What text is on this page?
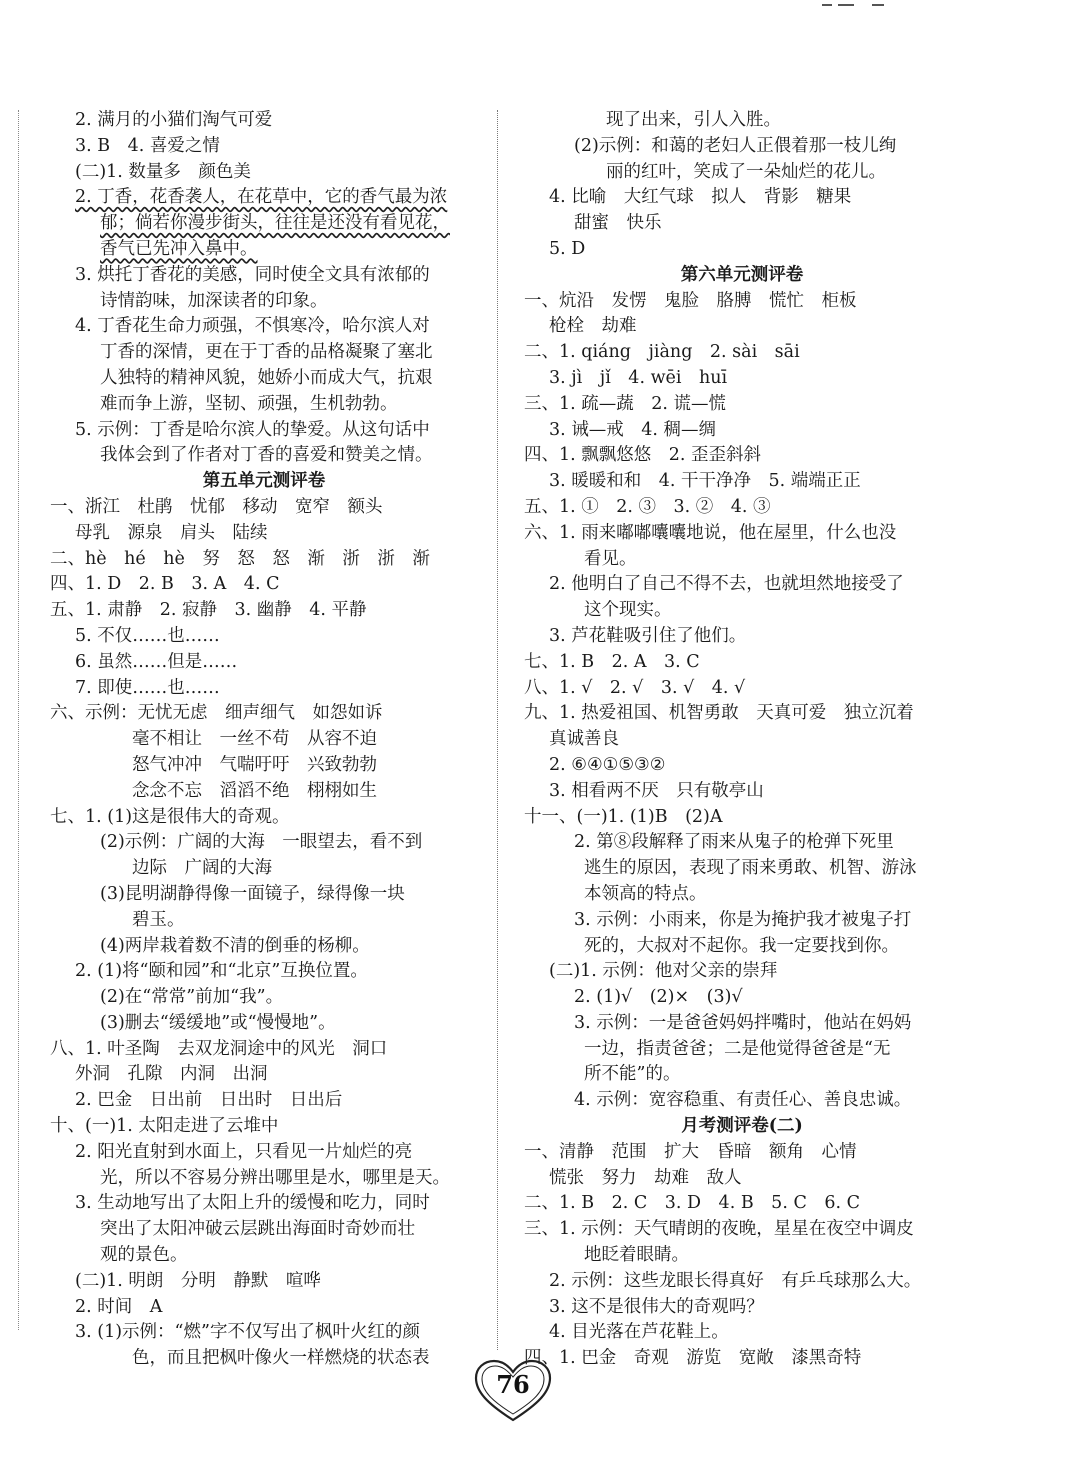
2. 满月的小猫们淘气可爱
3. B　4. 喜爱之情
(二)1. 数量多　颜色美
2. 丁香，花香袭人，在花草中，它的香气最为浓
郁；倘若你漫步街头，往往是还没有看见花，
香气已先冲入鼻中。
3. 烘托丁香花的美感，同时使全文具有浓郁的
诗情韵味，加深读者的印象。
4. 丁香花生命力顽强，不惧寒冷，哈尔滨人对
丁香的深情，更在于丁香的品格凝聚了塞北
人独特的精神风貌，她娇小而成大气，抗艰
难而争上游，坚韧、顽强，生机勃勃。
5. 示例：丁香是哈尔滨人的挚爱。从这句话中
我体会到了作者对丁香的喜爱和赞美之情。
第五单元测评卷
一、浙江　杜鹃　忧郁　移动　宽窄　额头
母乳　源泉　肩头　陆续
二、hè　hé　hè　努　怒　怒　渐　浙　浙　渐
四、1. D　2. B　3. A　4. C
五、1. 肃静　2. 寂静　3. 幽静　4. 平静
5. 不仅……也……
6. 虽然……但是……
7. 即使……也……
六、示例：无忧无虑　细声细气　如怨如诉
毫不相让　一丝不苟　从容不迫
怒气冲冲　气喘吁吁　兴致勃勃
念念不忘　滔滔不绝　栩栩如生
七、1. (1)这是很伟大的奇观。
(2)示例：广阔的大海　一眼望去，看不到
边际　广阔的大海
(3)昆明湖静得像一面镜子，绿得像一块
碧玉。
(4)两岸栽着数不清的倒垂的杨柳。
2. (1)将“颐和园”和“北京”互换位置。
(2)在“常常”前加“我”。
(3)删去“缓缓地”或“慢慢地”。
八、1. 叶圣陶　去双龙洞途中的风光　洞口
外洞　孔隙　内洞　出洞
2. 巴金　日出前　日出时　日出后
十、(一)1. 太阳走进了云堆中
2. 阳光直射到水面上，只看见一片灿烂的亮
光，所以不容易分辨出哪里是水，哪里是天。
3. 生动地写出了太阳上升的缓慢和吃力，同时
突出了太阳冲破云层跳出海面时奇妙而壮
观的景色。
(二)1. 明朗　分明　静默　喧哗
2. 时间　A
3. (1)示例：“燃”字不仅写出了枫叶火红的颜
色，而且把枫叶像火一样燃烧的状态表
现了出来，引人入胜。
(2)示例：和蔼的老妇人正偎着那一枝儿绚
丽的红叶，笑成了一朵灿烂的花儿。
4. 比喻　大红气球　拟人　背影　糖果
甜蜜　快乐
5. D
第六单元测评卷
一、炕沿　发愣　鬼脸　胳膊　慌忙　柜板
枪栓　劫难
二、1. qiáng　jiàng　2. sài　sāi
3. jì　jǐ　4. wēi　huī
三、1. 疏—蔬　2. 谎—慌
3. 诫—戒　4. 稠—绸
四、1. 飘飘悠悠　2. 歪歪斜斜
3. 暖暖和和　4. 干干净净　5. 端端正正
五、1. ①　2. ③　3. ②　4. ③
六、1. 雨来嘟嘟囔囔地说，他在屋里，什么也没
看见。
2. 他明白了自己不得不去，也就坦然地接受了
这个现实。
3. 芦花鞋吸引住了他们。
七、1. B　2. A　3. C
八、1. √　2. √　3. √　4. √
九、1. 热爱祖国、机智勇敢　天真可爱　独立沉着
真诚善良
2. ⑥④①⑤③②
3. 相看两不厌　只有敬亭山
十一、(一)1. (1)B　(2)A
2. 第⑧段解释了雨来从鬼子的枪弹下死里
逃生的原因，表现了雨来勇敢、机智、游泳
本领高的特点。
3. 示例：小雨来，你是为掩护我才被鬼子打
死的，大叔对不起你。我一定要找到你。
(二)1. 示例：他对父亲的崇拜
2. (1)√　(2)×　(3)√
3. 示例：一是爸爸妈妈拌嘴时，他站在妈妈
一边，指责爸爸；二是他觉得爸爸是“无
所不能”的。
4. 示例：宽容稳重、有责任心、善良忠诚。
月考测评卷(二)
一、清静　范围　扩大　昏暗　额角　心情
慌张　努力　劫难　敌人
二、1. B　2. C　3. D　4. B　5. C　6. C
三、1. 示例：天气晴朗的夜晚，星星在夜空中调皮
地眨着眼睛。
2. 示例：这些龙眼长得真好　有乒乓球那么大。
3. 这不是很伟大的奇观吗？
4. 目光落在芦花鞋上。
四、1. 巴金　奇观　游览　宽敞　漆黑奇特
76
